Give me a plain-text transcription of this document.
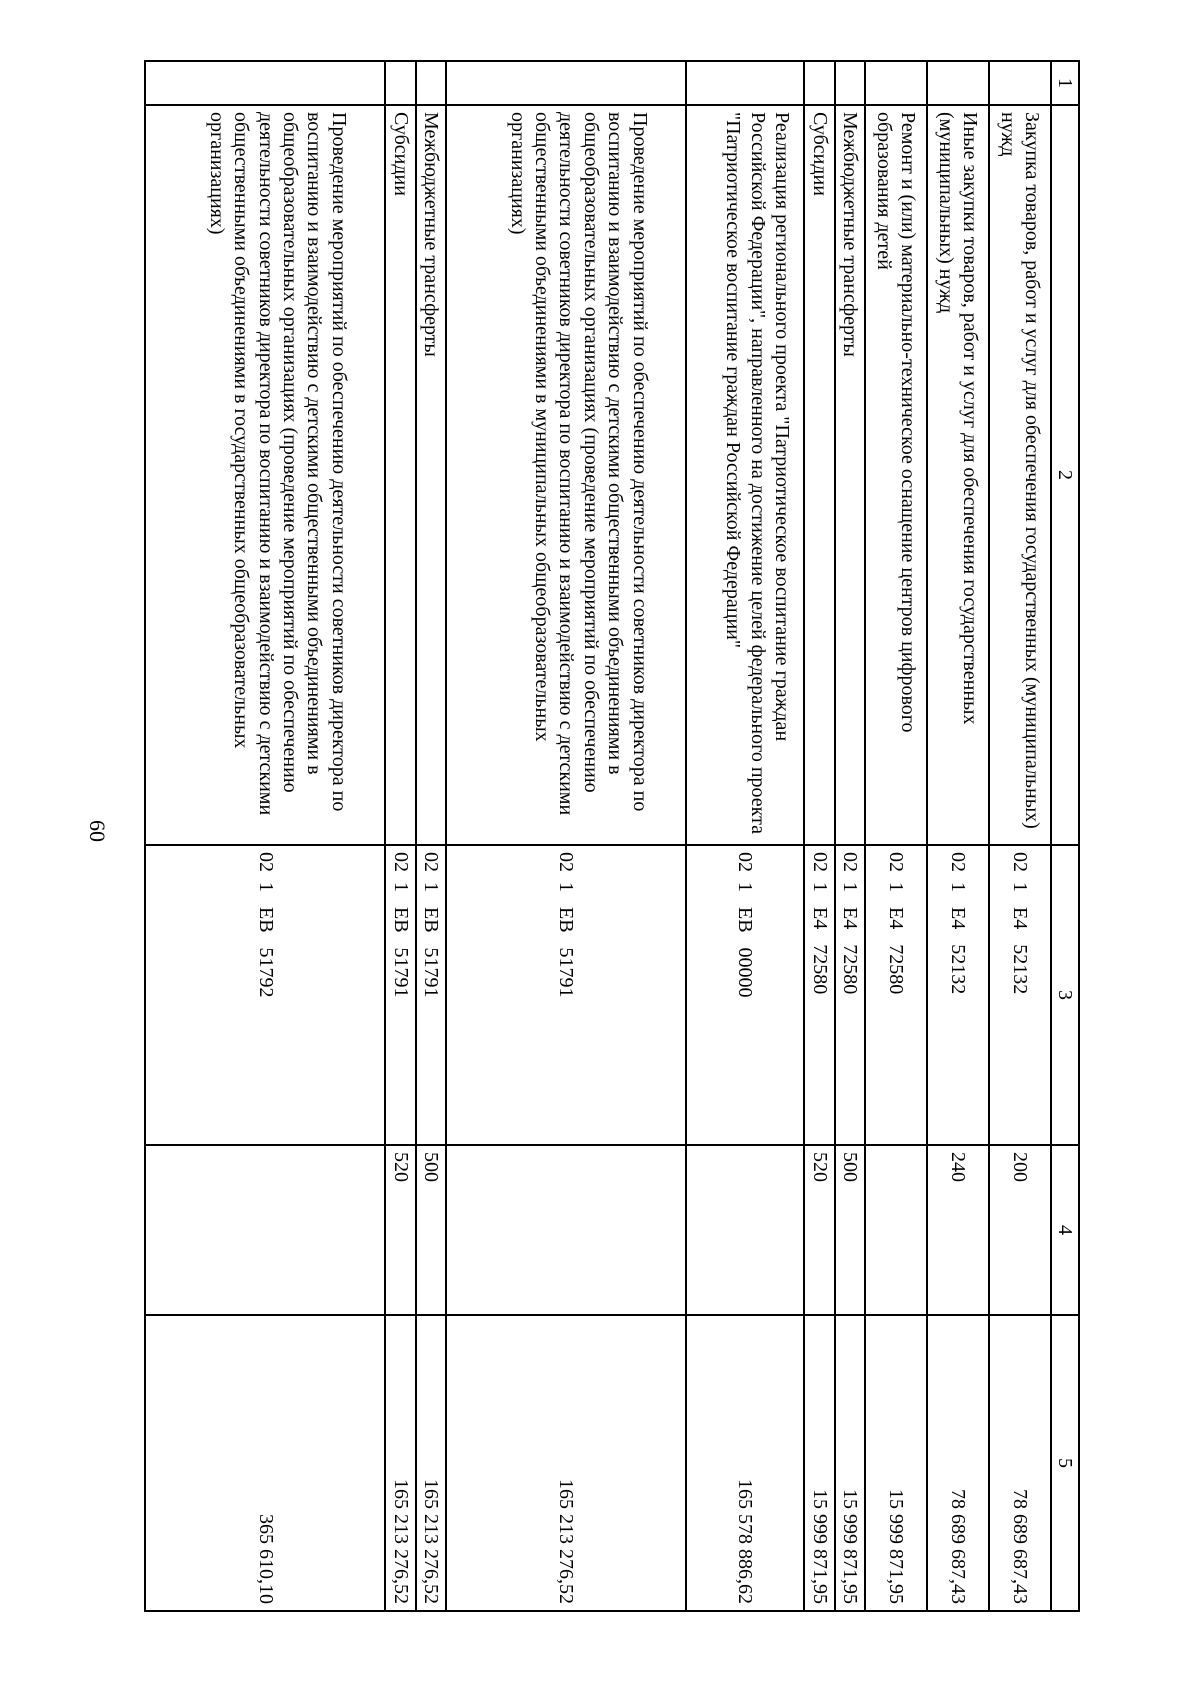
60
1	2	3	4	5
	Закупка товаров, работ и услуг для обеспечения государственных (муниципальных) нужд	02  1   Е4   52132	200	78 689 687,43
	Иные закупки товаров, работ и услуг для обеспечения государственных (муниципальных) нужд	02  1   Е4   52132	240	78 689 687,43
	Ремонт и (или) материально-техническое оснащение центров цифрового образования детей	02  1   Е4   72580		15 999 871,95
	Межбюджетные трансферты	02  1   Е4   72580	500	15 999 871,95
	Субсидии	02  1   Е4   72580	520	15 999 871,95

	Реализация регионального проекта "Патриотическое воспитание граждан Российской Федерации", направленного на достижение целей федерального проекта "Патриотическое воспитание граждан Российской Федерации"	02  1   ЕВ   00000		165 578 886,62

	Проведение мероприятий по обеспечению деятельности советников директора по воспитанию и взаимодействию с детскими общественными объединениями в общеобразовательных организациях (проведение мероприятий по обеспечению деятельности советников директора по воспитанию и взаимодействию с детскими общественными объединениями в муниципальных общеобразовательных организациях)	02  1   ЕВ   51791		165 213 276,52
	Межбюджетные трансферты	02  1   ЕВ   51791	500	165 213 276,52
	Субсидии	02  1   ЕВ   51791	520	165 213 276,52

	Проведение мероприятий по обеспечению деятельности советников директора по воспитанию и взаимодействию с детскими общественными объединениями в общеобразовательных организациях (проведение мероприятий по обеспечению деятельности советников директора по воспитанию и взаимодействию с детскими общественными объединениями в государственных общеобразовательных организациях)	02  1   ЕВ   51792		365 610,10
